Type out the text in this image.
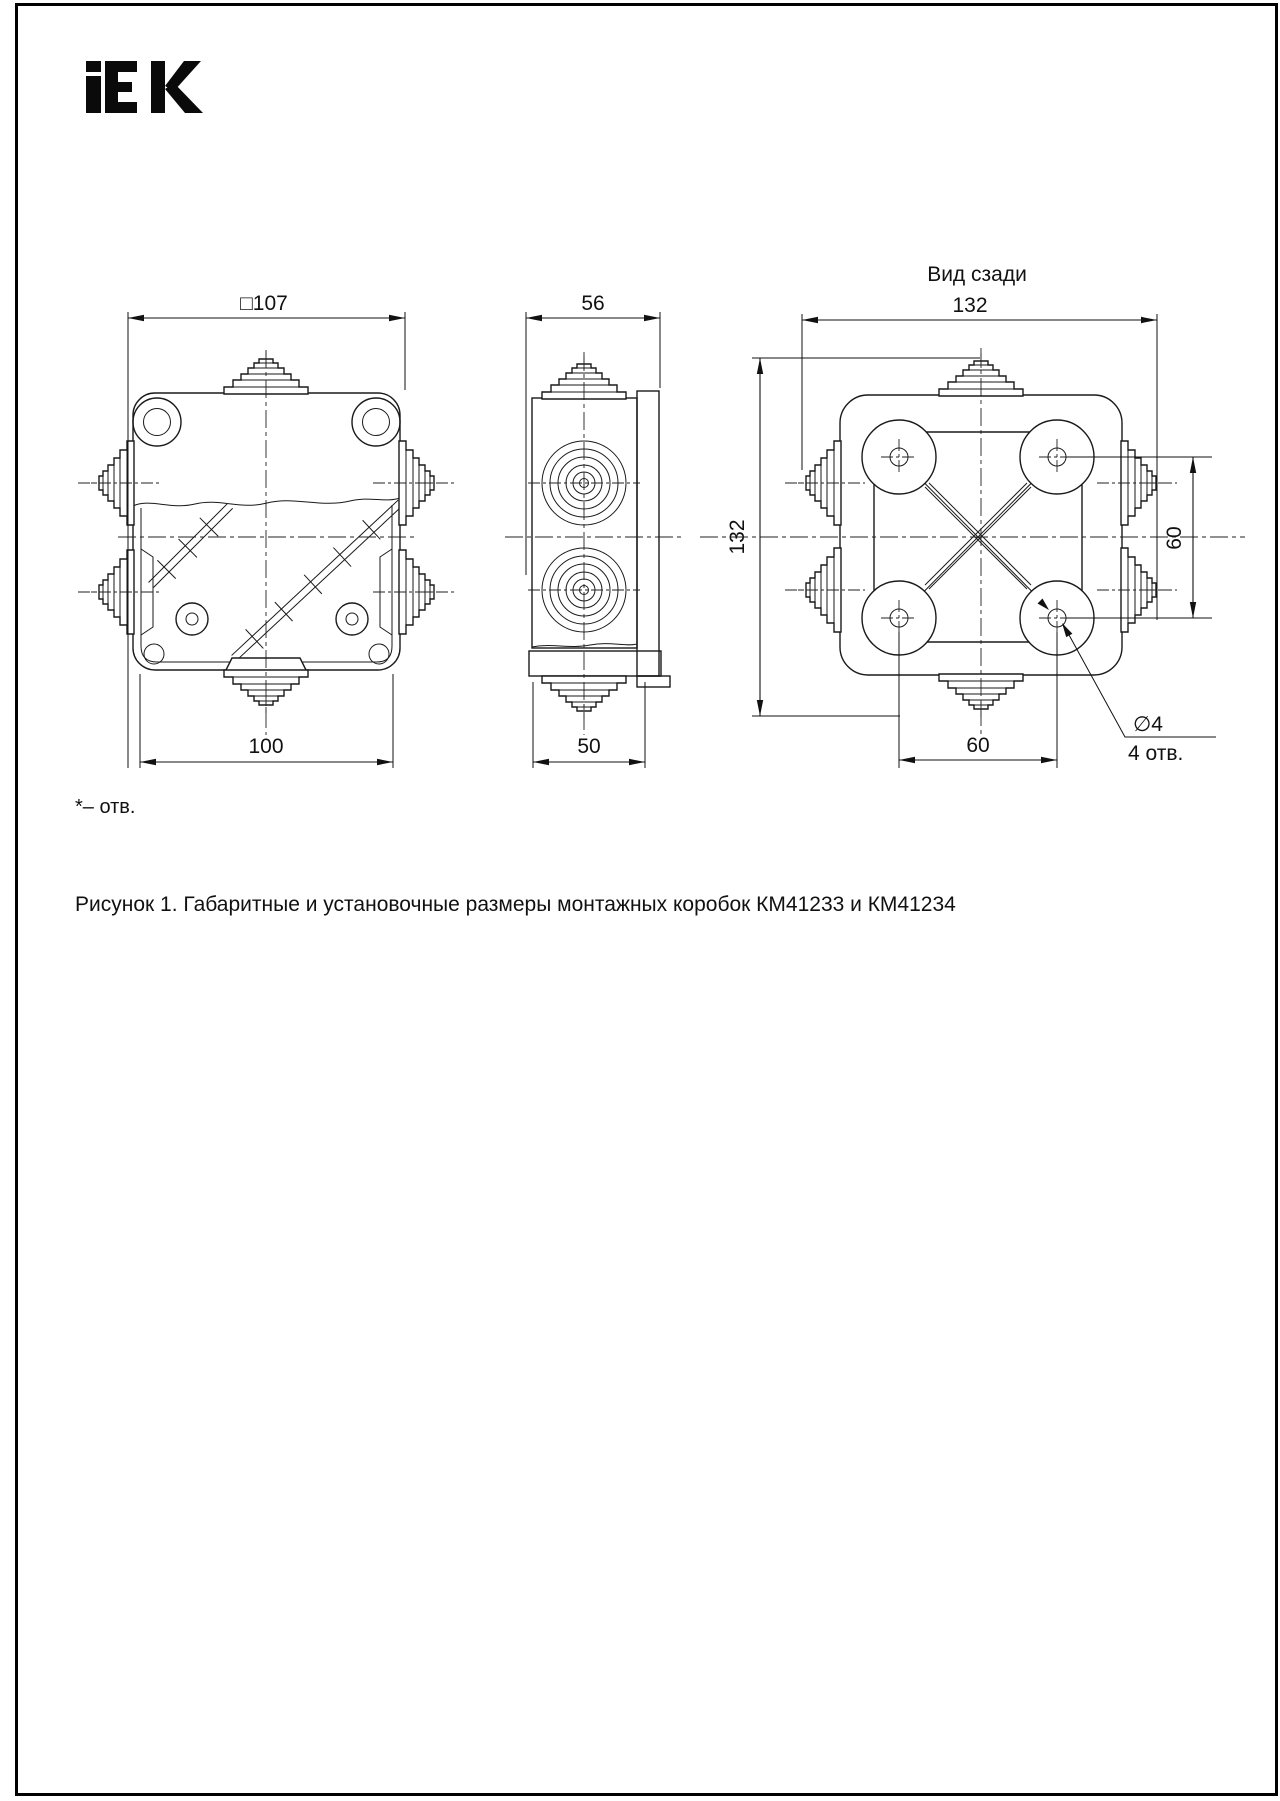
□107
100
56
50
Вид сзади
132
132	60
60
∅4
4 отв.
*– отв.
Рисунок 1. Габаритные и установочные размеры монтажных коробок КМ41233 и КМ41234
